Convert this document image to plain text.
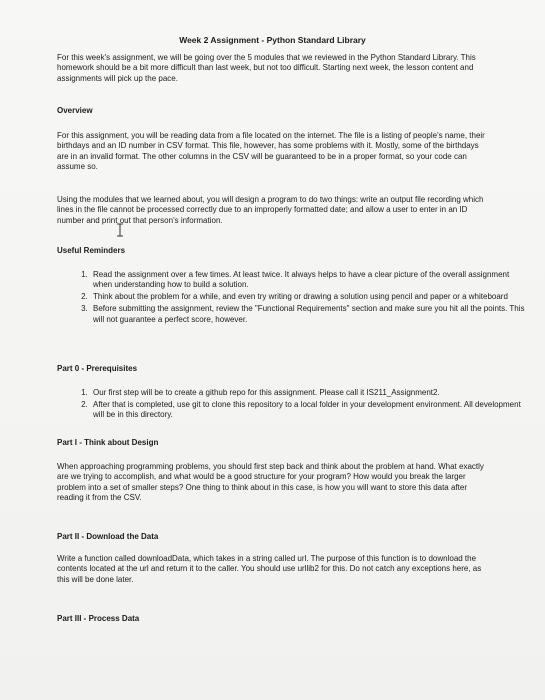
Week 2 Assignment - Python Standard Library

For this week's assignment, we will be going over the 5 modules that we reviewed in the Python Standard Library. This homework should be a bit more difficult than last week, but not too difficult. Starting next week, the lesson content and assignments will pick up the pace.

Overview

For this assignment, you will be reading data from a file located on the internet. The file is a listing of people's name, their birthdays and an ID number in CSV format. This file, however, has some problems with it. Mostly, some of the birthdays are in an invalid format. The other columns in the CSV will be guaranteed to be in a proper format, so your code can assume so.

Using the modules that we learned about, you will design a program to do two things: write an output file recording which lines in the file cannot be processed correctly due to an improperly formatted date; and allow a user to enter in an ID number and print out that person's information.

Useful Reminders

1. Read the assignment over a few times. At least twice. It always helps to have a clear picture of the overall assignment when understanding how to build a solution.
2. Think about the problem for a while, and even try writing or drawing a solution using pencil and paper or a whiteboard
3. Before submitting the assignment, review the "Functional Requirements" section and make sure you hit all the points. This will not guarantee a perfect score, however.

Part 0 - Prerequisites

1. Our first step will be to create a github repo for this assignment. Please call it IS211_Assignment2.
2. After that is completed, use git to clone this repository to a local folder in your development environment. All development will be in this directory.

Part I - Think about Design

When approaching programming problems, you should first step back and think about the problem at hand. What exactly are we trying to accomplish, and what would be a good structure for your program? How would you break the larger problem into a set of smaller steps? One thing to think about in this case, is how you will want to store this data after reading it from the CSV.

Part II - Download the Data

Write a function called downloadData, which takes in a string called url. The purpose of this function is to download the contents located at the url and return it to the caller. You should use urllib2 for this. Do not catch any exceptions here, as this will be done later.

Part III - Process Data
